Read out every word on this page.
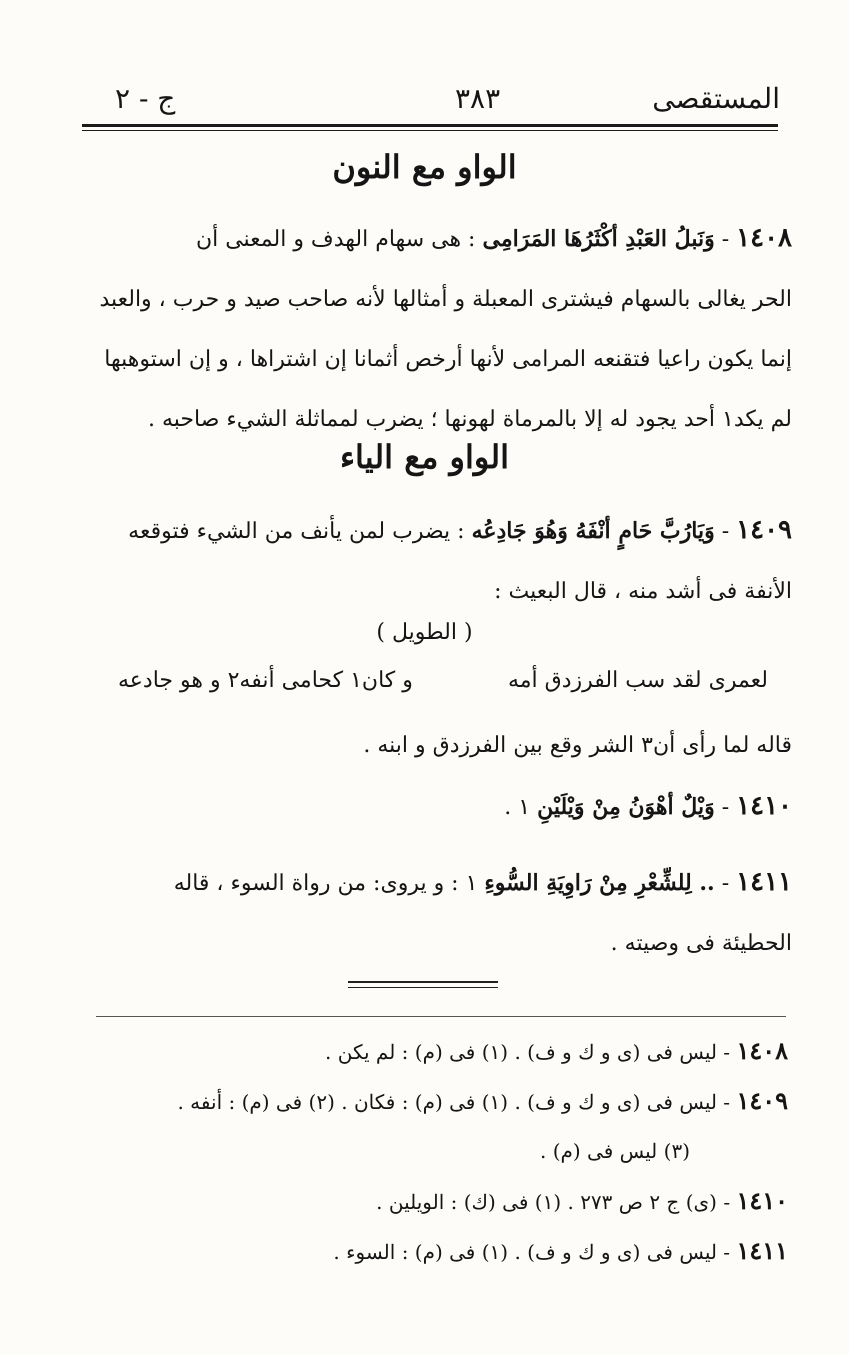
ج - ٢	٣٨٣	المستقصى
الواو مع النون
١٤٠٨ - وَنَبلُ العَبْدِ أكْثَرُهَا المَرَامِى : هى سهام الهدف و المعنى أن
الحر يغالى بالسهام فيشترى المعبلة و أمثالها لأنه صاحب صيد و حرب ، والعبد
إنما يكون راعيا فتقنعه المرامى لأنها أرخص أثمانا إن اشتراها ، و إن استوهبها
لم يكد١ أحد يجود له إلا بالمرماة لهونها ؛ يضرب لمماثلة الشيء صاحبه .
الواو مع الياء
١٤٠٩ - وَيَارُبَّ حَامٍ أنْفَهُ وَهُوَ جَادِعُه : يضرب لمن يأنف من الشيء فتوقعه
الأنفة فى أشد منه ، قال البعيث :
( الطويل )
لعمرى لقد سب الفرزدق أمه
و كان١ كحامى أنفه٢ و هو جادعه
قاله لما رأى أن٣ الشر وقع بين الفرزدق و ابنه .
١٤١٠ - وَيْلٌ أهْوَنُ مِنْ وَيْلَيْنِ ١ .
١٤١١ - .. لِلشِّعْرِ مِنْ رَاوِيَةِ السُّوءِ ١ : و يروى: من رواة السوء ، قاله
الحطيئة فى وصيته .
١٤٠٨ - ليس فى (ى و ك و ف) . (١) فى (م) : لم يكن .
١٤٠٩ - ليس فى (ى و ك و ف) . (١) فى (م) : فكان . (٢) فى (م) : أنفه .
(٣) ليس فى (م) .
١٤١٠ - (ى) ج ٢ ص ٢٧٣ . (١) فى (ك) : الويلين .
١٤١١ - ليس فى (ى و ك و ف) . (١) فى (م) : السوء .
